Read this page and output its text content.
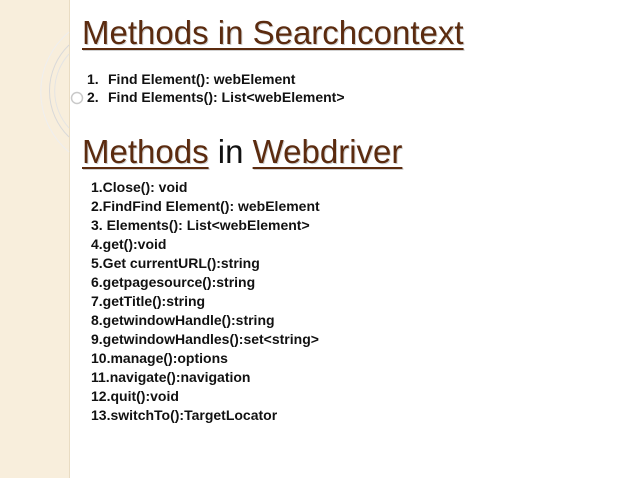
Methods in Searchcontext
1. Find Element(): webElement
2. Find Elements(): List<webElement>
Methods in Webdriver
1.Close(): void
2.FindFind Element(): webElement
3. Elements(): List<webElement>
4.get():void
5.Get currentURL():string
6.getpagesource():string
7.getTitle():string
8.getwindowHandle():string
9.getwindowHandles():set<string>
10.manage():options
11.navigate():navigation
12.quit():void
13.switchTo():TargetLocator
